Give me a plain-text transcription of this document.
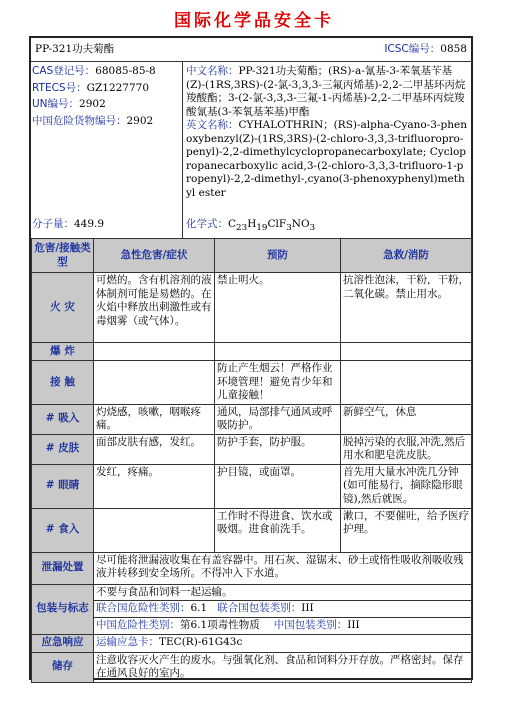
国际化学品安全卡
PP-321功夫菊酯	ICSC编号：0858
CAS登记号：68085-85-8
RTECS号：GZ1227770
UN编号：2902
中国危险货物编号：2902
分子量：449.9
中文名称：PP-321功夫菊酯；(RS)-a-氰基-3-苯氧基苄基(Z)-(1RS,3RS)-(2-氯-3,3,3-三氟丙烯基)-2,2-二甲基环丙烷羧酸酯；3-(2-氯-3,3,3-三氟-1-丙烯基)-2,2-二甲基环丙烷羧酸氰基(3-苯氧基苯基)甲酯
英文名称：CYHALOTHRIN；(RS)-alpha-Cyano-3-phenoxybenzyl(Z)-(1RS,3RS)-(2-chloro-3,3,3-trifluoropro-penyl)-2,2-dimethylcyclopropanecarboxylate; Cyclopropanecarboxylic acid,3-(2-chloro-3,3,3-trifluoro-1-propenyl)-2,2-dimethyl-,cyano(3-phenoxyphenyl)methyl ester
化学式：$C_{23}H_{19}ClF_3NO_3$
危害/接触类型	急性危害/症状	预防	急救/消防
火 灾	可燃的。含有机溶剂的液体制剂可能是易燃的。在火焰中释放出刺激性或有毒烟雾（或气体）。	禁止明火。	抗溶性泡沫，干粉，干粉，二氧化碳。禁止用水。
爆 炸			
接 触		防止产生烟云！严格作业环境管理！避免青少年和儿童接触！	
# 吸入	灼烧感，咳嗽，咽喉疼痛。	通风，局部排气通风或呼吸防护。	新鲜空气，休息
# 皮肤	面部皮肤有感，发红。	防护手套，防护服。	脱掉污染的衣服,冲洗,然后用水和肥皂洗皮肤。
# 眼睛	发红，疼痛。	护目镜，或面罩。	首先用大量水冲洗几分钟(如可能易行，摘除隐形眼镜),然后就医。
# 食入		工作时不得进食、饮水或吸烟。进食前洗手。	漱口，不要催吐，给予医疗护理。
泄漏处置	尽可能将泄漏液收集在有盖容器中。用石灰、湿锯末、砂土或惰性吸收剂吸收残液并转移到安全场所。不得冲入下水道。		
包装与标志	不要与食品和饲料一起运输。
联合国危险性类别：6.1 联合国包装类别：III
中国危险性类别：第6.1项毒性物质 中国包装类别：III		

应急响应	运输应急卡：TEC(R)-61G43c		
储存	注意收容灭火产生的废水。与强氧化剂、食品和饲料分开存放。严格密封。保存在通风良好的室内。		
